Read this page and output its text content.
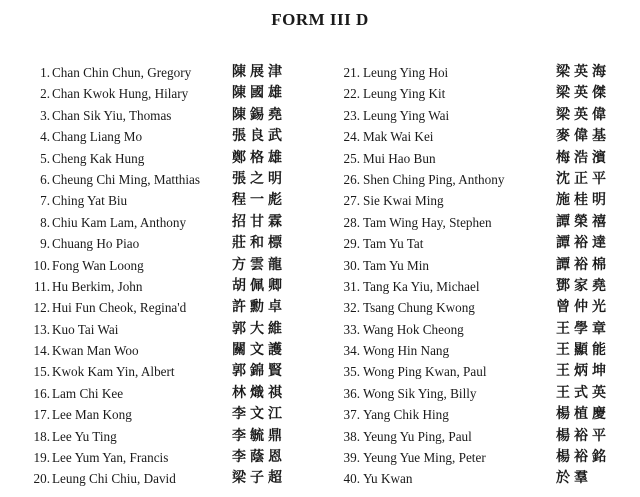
FORM III D
1. Chan Chin Chun, Gregory	陳展津
2. Chan Kwok Hung, Hilary	陳國雄
3. Chan Sik Yiu, Thomas	陳錫堯
4. Chang Liang Mo	張良武
5. Cheng Kak Hung	鄭格雄
6. Cheung Chi Ming, Matthias 張之明
7. Ching Yat Biu	程一彪
8. Chiu Kam Lam, Anthony	招甘霖
9. Chuang Ho Piao	莊和標
10. Fong Wan Loong	方雲龍
11. Hu Berkim, John	胡佩卿
12. Hui Fun Cheok, Regina'd	許勳卓
13. Kuo Tai Wai	郭大維
14. Kwan Man Woo	關文護
15. Kwok Kam Yin, Albert	郭錦賢
16. Lam Chi Kee	林熾祺
17. Lee Man Kong	李文江
18. Lee Yu Ting	李毓鼎
19. Lee Yum Yan, Francis	李蔭恩
20. Leung Chi Chiu, David	梁子超
21. Leung Ying Hoi	梁英海
22. Leung Ying Kit	梁英傑
23. Leung Ying Wai	梁英偉
24. Mak Wai Kei	麥偉基
25. Mui Hao Bun	梅浩濱
26. Shen Ching Ping, Anthony	沈正平
27. Sie Kwai Ming	施桂明
28. Tam Wing Hay, Stephen	譚榮禧
29. Tam Yu Tat	譚裕達
30. Tam Yu Min	譚裕棉
31. Tang Ka Yiu, Michael	鄧家堯
32. Tsang Chung Kwong	曾仲光
33. Wang Hok Cheong	王學章
34. Wong Hin Nang	王顯能
35. Wong Ping Kwan, Paul	王炳坤
36. Wong Sik Ying, Billy	王式英
37. Yang Chik Hing	楊植慶
38. Yeung Yu Ping, Paul	楊裕平
39. Yeung Yue Ming, Peter	楊裕銘
40. Yu Kwan	於羣
